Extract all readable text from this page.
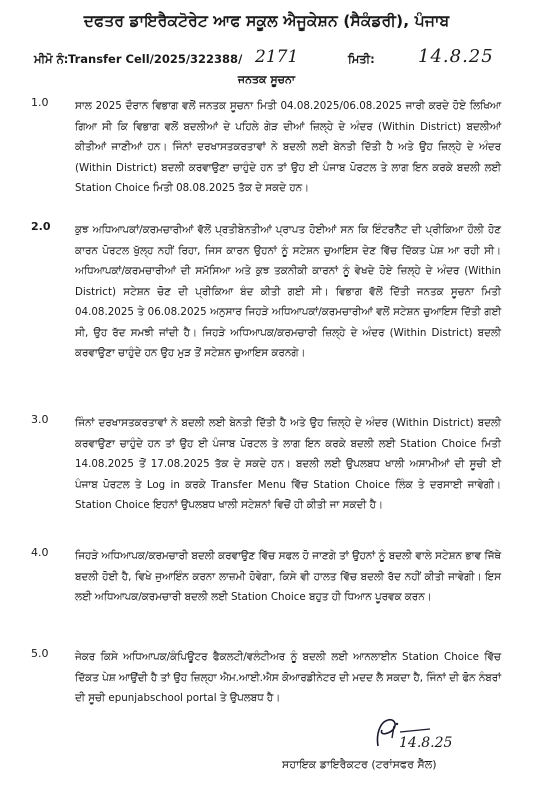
ਦਫਤਰ ਡਾਇਰੈਕਟੋਰੇਟ ਆਫ ਸਕੂਲ ਐਜੂਕੇਸ਼ਨ (ਸੈਕੰਡਰੀ), ਪੰਜਾਬ
ਮੀਮੋ ਨੰ: Transfer Cell/2025/322388/ 2171	ਮਿਤੀ: 14.8.25
ਜਨਤਕ ਸੂਚਨਾ
1.0	ਸਾਲ 2025 ਦੌਰਾਨ ਵਿਭਾਗ ਵਲੋਂ ਜਨਤਕ ਸੂਚਨਾ ਮਿਤੀ 04.08.2025/06.08.2025 ਜਾਰੀ ਕਰਦੇ ਹੋਏ ਲਿਖਿਆ ਗਿਆ ਸੀ ਕਿ ਵਿਭਾਗ ਵਲੋਂ ਬਦਲੀਆਂ ਦੇ ਪਹਿਲੇ ਗੇੜ ਦੀਆਂ ਜ਼ਿਲ੍ਹੇ ਦੇ ਅੰਦਰ (Within District) ਬਦਲੀਆਂ ਕੀਤੀਆਂ ਜਾਣੀਆਂ ਹਨ। ਜਿੰਨਾਂ ਦਰਖਾਸਤਕਰਤਾਵਾਂ ਨੇ ਬਦਲੀ ਲਈ ਬੇਨਤੀ ਦਿੱਤੀ ਹੈ ਅਤੇ ਉਹ ਜ਼ਿਲ੍ਹੇ ਦੇ ਅੰਦਰ (Within District) ਬਦਲੀ ਕਰਵਾਉਣਾ ਚਾਹੁੰਦੇ ਹਨ ਤਾਂ ਉਹ ਈ ਪੰਜਾਬ ਪੋਰਟਲ ਤੇ ਲਾਗ ਇਨ ਕਰਕੇ ਬਦਲੀ ਲਈ Station Choice ਮਿਤੀ 08.08.2025 ਤੱਕ ਦੇ ਸਕਦੇ ਹਨ।
2.0	ਕੁਝ ਅਧਿਆਪਕਾਂ/ਕਰਮਚਾਰੀਆਂ ਵੱਲੋਂ ਪ੍ਰਤੀਬੇਨਤੀਆਂ ਪ੍ਰਾਪਤ ਹੋਈਆਂ ਸਨ ਕਿ ਇੰਟਰਨੈੱਟ ਦੀ ਪ੍ਰੀਕਿਆ ਹੌਲੀ ਹੋਣ ਕਾਰਨ ਪੋਰਟਲ ਖੁੱਲ੍ਹ ਨਹੀਂ ਰਿਹਾ, ਜਿਸ ਕਾਰਨ ਉਹਨਾਂ ਨੂੰ ਸਟੇਸ਼ਨ ਚੁਆਇਸ ਦੇਣ ਵਿੱਚ ਦਿੱਕਤ ਪੇਸ਼ ਆ ਰਹੀ ਸੀ। ਅਧਿਆਪਕਾਂ/ਕਰਮਚਾਰੀਆਂ ਦੀ ਸਮੱਸਿਆ ਅਤੇ ਕੁਝ ਤਕਨੀਕੀ ਕਾਰਨਾਂ ਨੂੰ ਵੇਖਦੇ ਹੋਏ ਜ਼ਿਲ੍ਹੇ ਦੇ ਅੰਦਰ (Within District) ਸਟੇਸ਼ਨ ਚੋਣ ਦੀ ਪ੍ਰੀਕਿਆ ਬੰਦ ਕੀਤੀ ਗਈ ਸੀ। ਵਿਭਾਗ ਵੱਲੋਂ ਦਿੱਤੀ ਜਨਤਕ ਸੂਚਨਾ ਮਿਤੀ 04.08.2025 ਤੇ 06.08.2025 ਅਨੁਸਾਰ ਜਿਹੜੇ ਅਧਿਆਪਕਾਂ/ਕਰਮਚਾਰੀਆਂ ਵਲੋਂ ਸਟੇਸ਼ਨ ਚੁਆਇਸ ਦਿੱਤੀ ਗਈ ਸੀ, ਉਹ ਰੱਦ ਸਮਝੀ ਜਾਂਦੀ ਹੈ। ਜਿਹੜੇ ਅਧਿਆਪਕ/ਕਰਮਚਾਰੀ ਜ਼ਿਲ੍ਹੇ ਦੇ ਅੰਦਰ (Within District) ਬਦਲੀ ਕਰਵਾਉਣਾ ਚਾਹੁੰਦੇ ਹਨ ਉਹ ਮੁੜ ਤੋਂ ਸਟੇਸ਼ਨ ਚੁਆਇਸ ਕਰਨਗੇ।
3.0	ਜਿੰਨਾਂ ਦਰਖਾਸਤਕਰਤਾਵਾਂ ਨੇ ਬਦਲੀ ਲਈ ਬੇਨਤੀ ਦਿੱਤੀ ਹੈ ਅਤੇ ਉਹ ਜ਼ਿਲ੍ਹੇ ਦੇ ਅੰਦਰ (Within District) ਬਦਲੀ ਕਰਵਾਉਣਾ ਚਾਹੁੰਦੇ ਹਨ ਤਾਂ ਉਹ ਈ ਪੰਜਾਬ ਪੋਰਟਲ ਤੇ ਲਾਗ ਇਨ ਕਰਕੇ ਬਦਲੀ ਲਈ Station Choice ਮਿਤੀ 14.08.2025 ਤੋਂ 17.08.2025 ਤੱਕ ਦੇ ਸਕਦੇ ਹਨ। ਬਦਲੀ ਲਈ ਉਪਲਬਧ ਖਾਲੀ ਅਸਾਮੀਆਂ ਦੀ ਸੂਚੀ ਈ ਪੰਜਾਬ ਪੋਰਟਲ ਤੇ Log in ਕਰਕੇ Transfer Menu ਵਿੱਚ Station Choice ਲਿੰਕ ਤੇ ਦਰਸਾਈ ਜਾਵੇਗੀ। Station Choice ਇਹਨਾਂ ਉਪਲਬਧ ਖਾਲੀ ਸਟੇਸ਼ਨਾਂ ਵਿਚੋਂ ਹੀ ਕੀਤੀ ਜਾ ਸਕਦੀ ਹੈ।
4.0	ਜਿਹੜੇ ਅਧਿਆਪਕ/ਕਰਮਚਾਰੀ ਬਦਲੀ ਕਰਵਾਉਣ ਵਿੱਚ ਸਫਲ ਹੋ ਜਾਣਗੇ ਤਾਂ ਉਹਨਾਂ ਨੂੰ ਬਦਲੀ ਵਾਲੇ ਸਟੇਸ਼ਨ ਭਾਵ ਜਿੱਥੇ ਬਦਲੀ ਹੋਈ ਹੈ, ਵਿਖੇ ਜੁਆਇੰਨ ਕਰਨਾ ਲਾਜ਼ਮੀ ਹੋਵੇਗਾ, ਕਿਸੇ ਵੀ ਹਾਲਤ ਵਿੱਚ ਬਦਲੀ ਰੱਦ ਨਹੀਂ ਕੀਤੀ ਜਾਵੇਗੀ। ਇਸ ਲਈ ਅਧਿਆਪਕ/ਕਰਮਚਾਰੀ ਬਦਲੀ ਲਈ Station Choice ਬਹੁਤ ਹੀ ਧਿਆਨ ਪੂਰਵਕ ਕਰਨ।
5.0	ਜੇਕਰ ਕਿਸੇ ਅਧਿਆਪਕ/ਕੰਪਿਊਟਰ ਫੈਕਲਟੀ/ਵਲੰਟੀਅਰ ਨੂੰ ਬਦਲੀ ਲਈ ਆਨਲਾਈਨ Station Choice ਵਿੱਚ ਦਿੱਕਤ ਪੇਸ਼ ਆਉਂਦੀ ਹੈ ਤਾਂ ਉਹ ਜ਼ਿਲ੍ਹਾ ਐਮ.ਆਈ.ਐਸ ਕੋਆਰਡੀਨੇਟਰ ਦੀ ਮਦਦ ਲੈ ਸਕਦਾ ਹੈ, ਜਿੰਨਾਂ ਦੀ ਫੋਨ ਨੰਬਰਾਂ ਦੀ ਸੂਚੀ epunjabschool portal ਤੇ ਉਪਲਬਧ ਹੈ।
14.8.25
ਸਹਾਇਕ ਡਾਇਰੈਕਟਰ (ਟਰਾਂਸਫਰ ਸੈੱਲ)
